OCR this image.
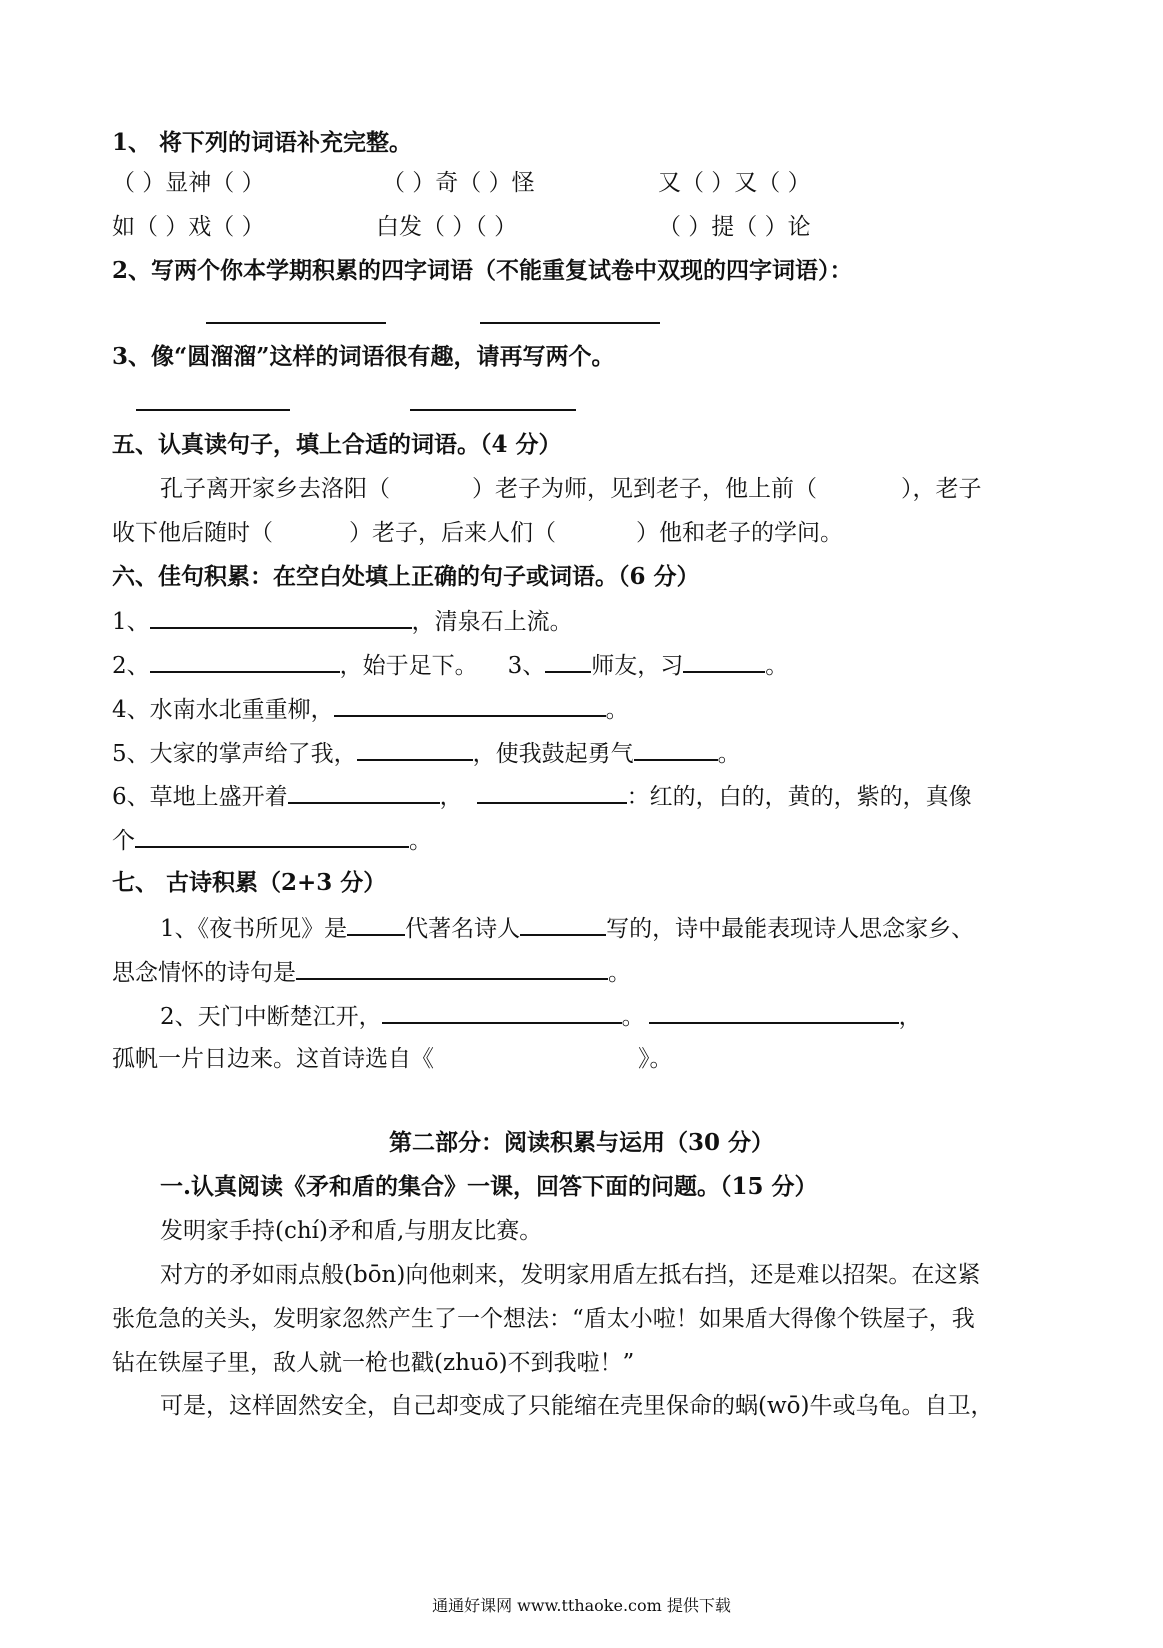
1、 将下列的词语补充完整。
（ ）显神（ ）	（ ）奇（ ）怪	又（ ）又（ ）
如（ ）戏（ ）	白发（ ）（ ）	（ ）提（ ）论
2、写两个你本学期积累的四字词语（不能重复试卷中双现的四字词语）：
3、像“圆溜溜”这样的词语很有趣，请再写两个。
五、认真读句子，填上合适的词语。（4 分）
孔子离开家乡去洛阳（	）老子为师，见到老子，他上前（	），老子
收下他后随时（	）老子，后来人们（	）他和老子的学问。
六、佳句积累：在空白处填上正确的句子或词语。（6 分）
1、	，清泉石上流。
2、	，始于足下。 3、 师友，习	。
4、水南水北重重柳，	。
5、大家的掌声给了我，	，使我鼓起勇气	。
6、草地上盛开着	，	：红的，白的，黄的，紫的，真像
个	。
七、 古诗积累（2+3 分）
1、《夜书所见》是	代著名诗人	写的，诗中最能表现诗人思念家乡、
思念情怀的诗句是	。
2、天门中断楚江开，	。	，
孤帆一片日边来。这首诗选自《	》。
第二部分：阅读积累与运用（30 分）
一.认真阅读《矛和盾的集合》一课，回答下面的问题。（15 分）
发明家手持(chí)矛和盾,与朋友比赛。
对方的矛如雨点般(bōn)向他刺来，发明家用盾左抵右挡，还是难以招架。在这紧
张危急的关头，发明家忽然产生了一个想法：“盾太小啦！如果盾大得像个铁屋子，我
钻在铁屋子里，敌人就一枪也戳(zhuō)不到我啦！”
可是，这样固然安全，自己却变成了只能缩在壳里保命的蜗(wō)牛或乌龟。自卫，
通通好课网 www.tthaoke.com 提供下载
